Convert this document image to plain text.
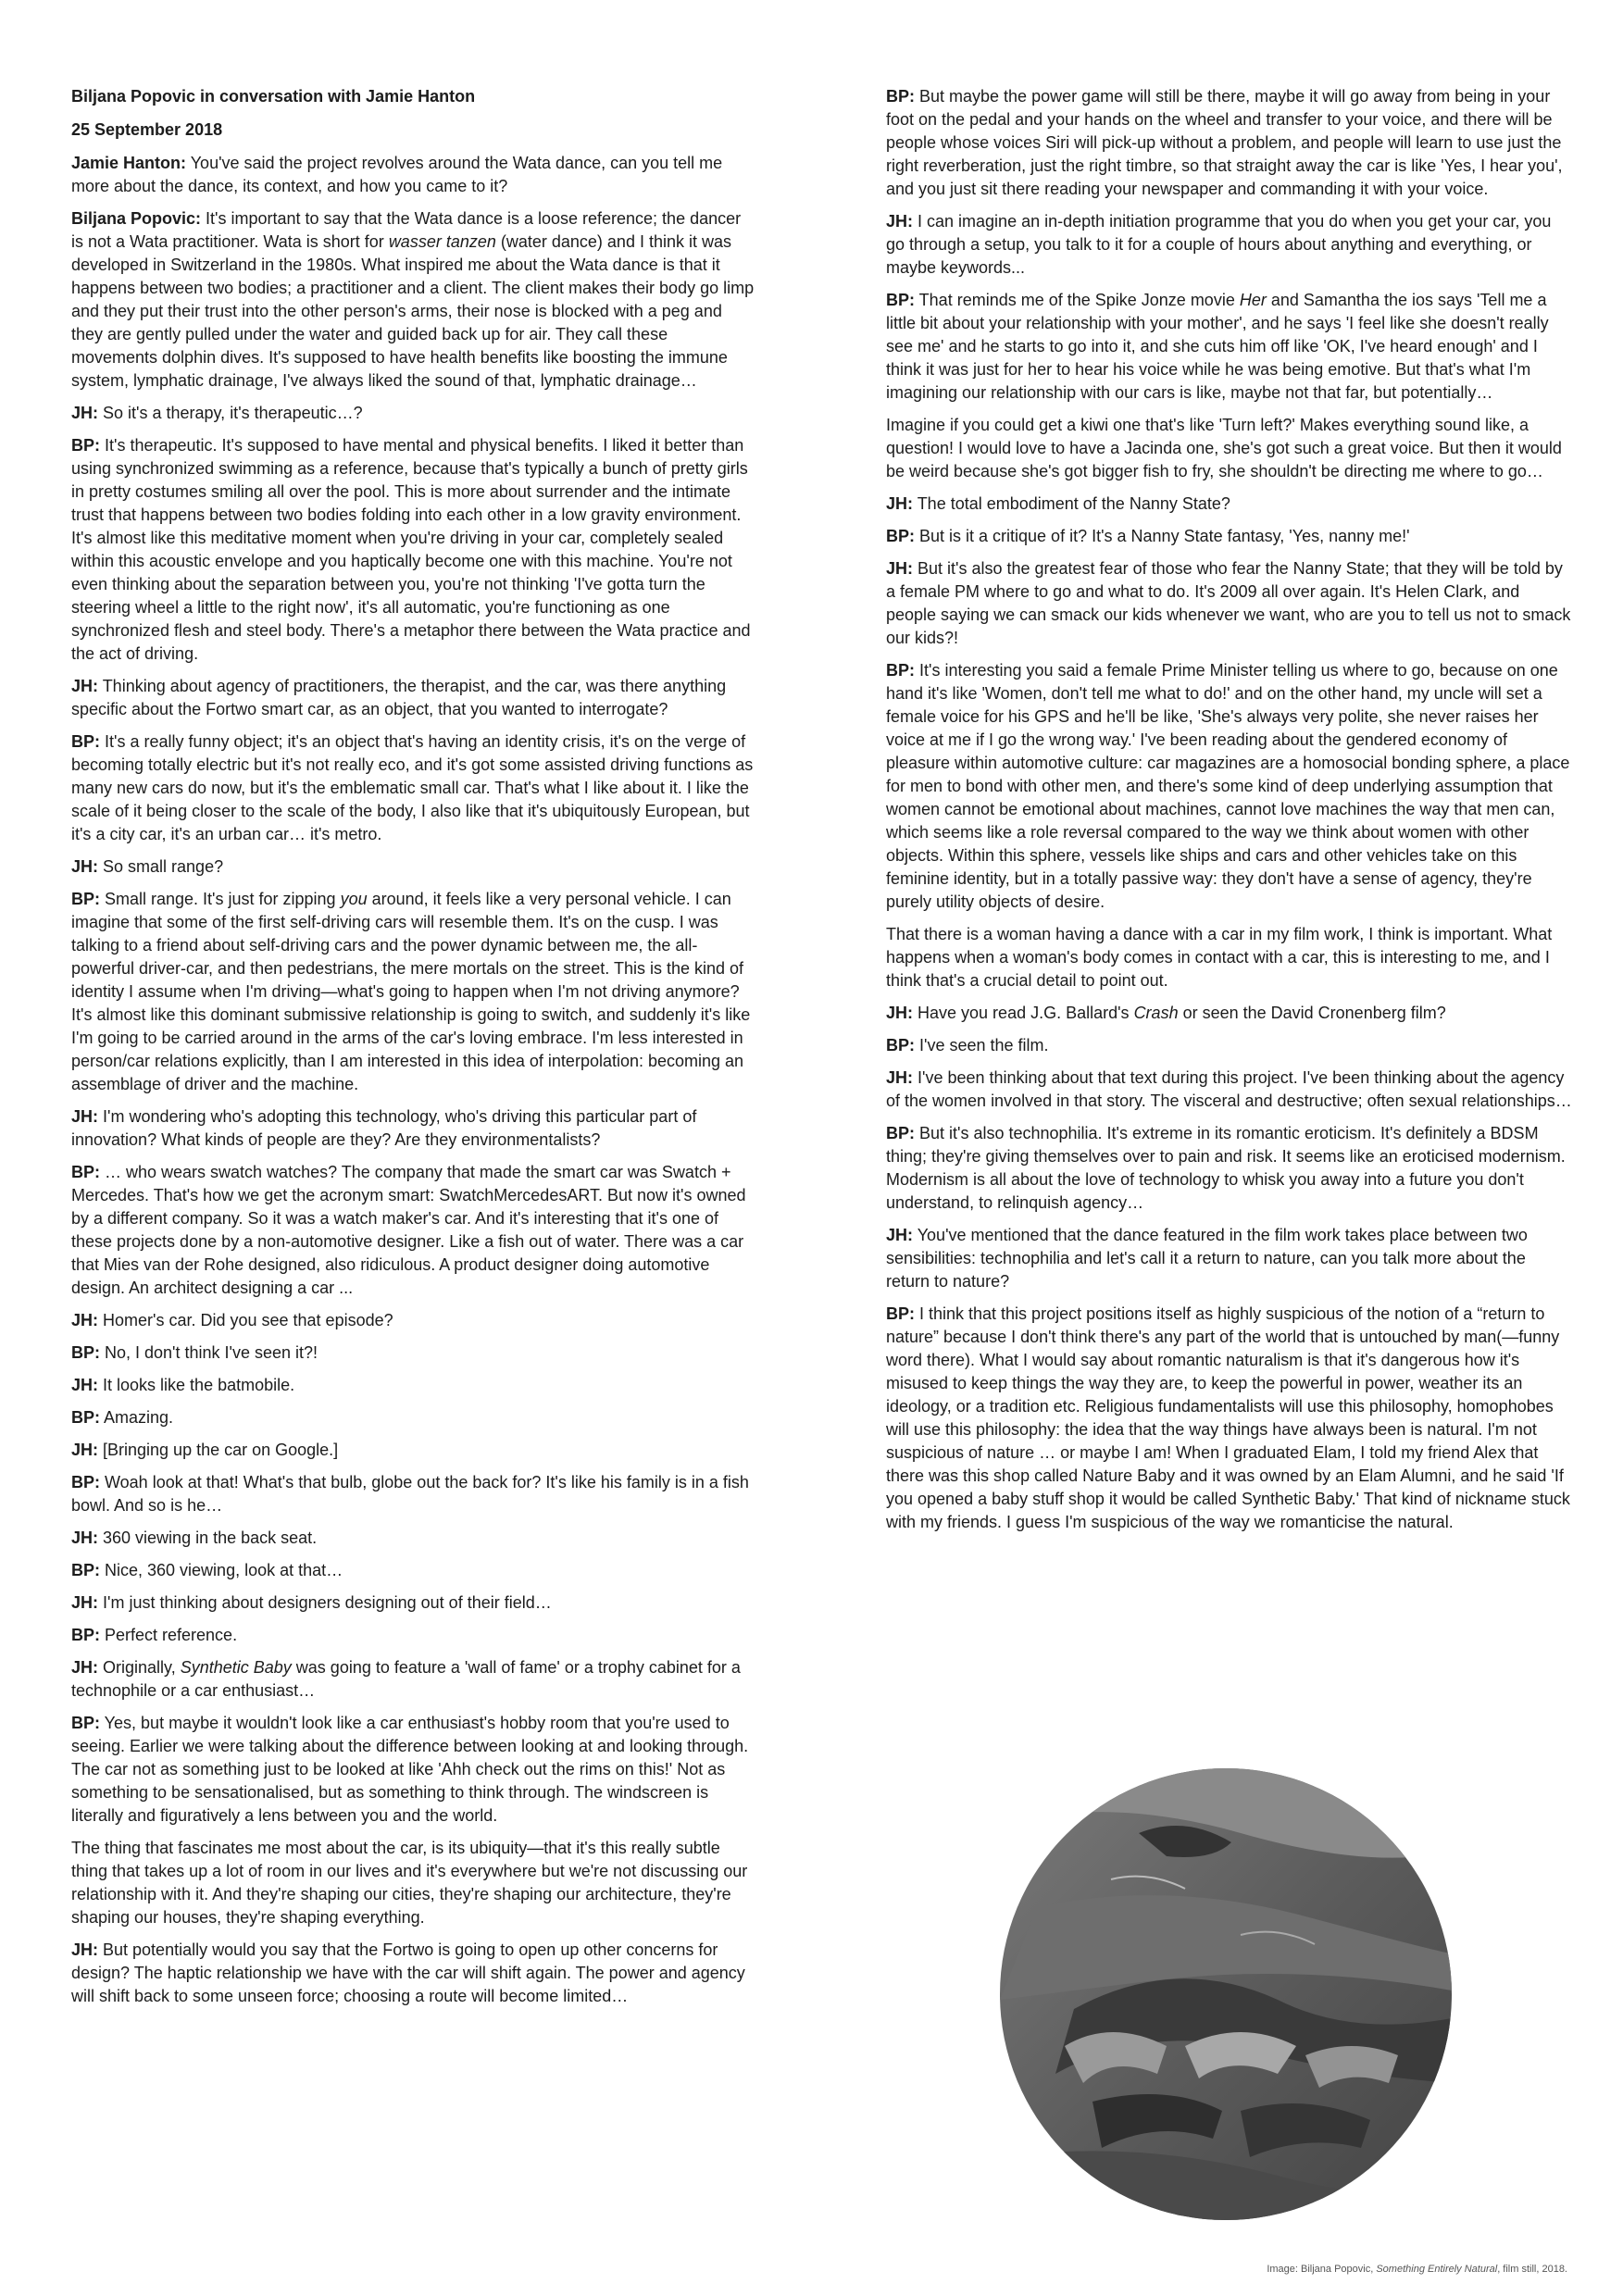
Biljana Popovic in conversation with Jamie Hanton
25 September 2018

Jamie Hanton: You've said the project revolves around the Wata dance, can you tell me more about the dance, its context, and how you came to it?

Biljana Popovic: It's important to say that the Wata dance is a loose reference; the dancer is not a Wata practitioner. Wata is short for wasser tanzen (water dance) and I think it was developed in Switzerland in the 1980s. What inspired me about the Wata dance is that it happens between two bodies; a practitioner and a client. The client makes their body go limp and they put their trust into the other person's arms, their nose is blocked with a peg and they are gently pulled under the water and guided back up for air. They call these movements dolphin dives. It's supposed to have health benefits like boosting the immune system, lymphatic drainage, I've always liked the sound of that, lymphatic drainage…

JH: So it's a therapy, it's therapeutic…?

BP: It's therapeutic. It's supposed to have mental and physical benefits. I liked it better than using synchronized swimming as a reference, because that's typically a bunch of pretty girls in pretty costumes smiling all over the pool. This is more about surrender and the intimate trust that happens between two bodies folding into each other in a low gravity environment. It's almost like this meditative moment when you're driving in your car, completely sealed within this acoustic envelope and you haptically become one with this machine. You're not even thinking about the separation between you, you're not thinking 'I've gotta turn the steering wheel a little to the right now', it's all automatic, you're functioning as one synchronized flesh and steel body. There's a metaphor there between the Wata practice and the act of driving.

JH: Thinking about agency of practitioners, the therapist, and the car, was there anything specific about the Fortwo smart car, as an object, that you wanted to interrogate?

BP: It's a really funny object; it's an object that's having an identity crisis, it's on the verge of becoming totally electric but it's not really eco, and it's got some assisted driving functions as many new cars do now, but it's the emblematic small car. That's what I like about it. I like the scale of it being closer to the scale of the body, I also like that it's ubiquitously European, but it's a city car, it's an urban car… it's metro.

JH: So small range?

BP: Small range. It's just for zipping you around, it feels like a very personal vehicle. I can imagine that some of the first self-driving cars will resemble them. It's on the cusp. I was talking to a friend about self-driving cars and the power dynamic between me, the all-powerful driver-car, and then pedestrians, the mere mortals on the street. This is the kind of identity I assume when I'm driving—what's going to happen when I'm not driving anymore? It's almost like this dominant submissive relationship is going to switch, and suddenly it's like I'm going to be carried around in the arms of the car's loving embrace. I'm less interested in person/car relations explicitly, than I am interested in this idea of interpolation: becoming an assemblage of driver and the machine.

JH: I'm wondering who's adopting this technology, who's driving this particular part of innovation? What kinds of people are they? Are they environmentalists?

BP: … who wears swatch watches? The company that made the smart car was Swatch + Mercedes. That's how we get the acronym smart: SwatchMercedesART. But now it's owned by a different company. So it was a watch maker's car. And it's interesting that it's one of these projects done by a non-automotive designer. Like a fish out of water. There was a car that Mies van der Rohe designed, also ridiculous. A product designer doing automotive design. An architect designing a car ...

JH: Homer's car. Did you see that episode?

BP: No, I don't think I've seen it?!

JH: It looks like the batmobile.

BP: Amazing.

JH: [Bringing up the car on Google.]

BP: Woah look at that! What's that bulb, globe out the back for? It's like his family is in a fish bowl. And so is he…

JH: 360 viewing in the back seat.

BP: Nice, 360 viewing, look at that…

JH: I'm just thinking about designers designing out of their field…

BP: Perfect reference.

JH: Originally, Synthetic Baby was going to feature a 'wall of fame' or a trophy cabinet for a technophile or a car enthusiast…

BP: Yes, but maybe it wouldn't look like a car enthusiast's hobby room that you're used to seeing. Earlier we were talking about the difference between looking at and looking through. The car not as something just to be looked at like 'Ahh check out the rims on this!' Not as something to be sensationalised, but as something to think through. The windscreen is literally and figuratively a lens between you and the world.

The thing that fascinates me most about the car, is its ubiquity—that it's this really subtle thing that takes up a lot of room in our lives and it's everywhere but we're not discussing our relationship with it. And they're shaping our cities, they're shaping our architecture, they're shaping our houses, they're shaping everything.

JH: But potentially would you say that the Fortwo is going to open up other concerns for design? The haptic relationship we have with the car will shift again. The power and agency will shift back to some unseen force; choosing a route will become limited…

BP: But maybe the power game will still be there, maybe it will go away from being in your foot on the pedal and your hands on the wheel and transfer to your voice, and there will be people whose voices Siri will pick-up without a problem, and people will learn to use just the right reverberation, just the right timbre, so that straight away the car is like 'Yes, I hear you', and you just sit there reading your newspaper and commanding it with your voice.

JH: I can imagine an in-depth initiation programme that you do when you get your car, you go through a setup, you talk to it for a couple of hours about anything and everything, or maybe keywords...

BP: That reminds me of the Spike Jonze movie Her and Samantha the ios says 'Tell me a little bit about your relationship with your mother', and he says 'I feel like she doesn't really see me' and he starts to go into it, and she cuts him off like 'OK, I've heard enough' and I think it was just for her to hear his voice while he was being emotive. But that's what I'm imagining our relationship with our cars is like, maybe not that far, but potentially…

Imagine if you could get a kiwi one that's like 'Turn left?' Makes everything sound like, a question! I would love to have a Jacinda one, she's got such a great voice. But then it would be weird because she's got bigger fish to fry, she shouldn't be directing me where to go…

JH: The total embodiment of the Nanny State?

BP: But is it a critique of it? It's a Nanny State fantasy, 'Yes, nanny me!'

JH: But it's also the greatest fear of those who fear the Nanny State; that they will be told by a female PM where to go and what to do. It's 2009 all over again. It's Helen Clark, and people saying we can smack our kids whenever we want, who are you to tell us not to smack our kids?!

BP: It's interesting you said a female Prime Minister telling us where to go, because on one hand it's like 'Women, don't tell me what to do!' and on the other hand, my uncle will set a female voice for his GPS and he'll be like, 'She's always very polite, she never raises her voice at me if I go the wrong way.' I've been reading about the gendered economy of pleasure within automotive culture: car magazines are a homosocial bonding sphere, a place for men to bond with other men, and there's some kind of deep underlying assumption that women cannot be emotional about machines, cannot love machines the way that men can, which seems like a role reversal compared to the way we think about women with other objects. Within this sphere, vessels like ships and cars and other vehicles take on this feminine identity, but in a totally passive way: they don't have a sense of agency, they're purely utility objects of desire.

That there is a woman having a dance with a car in my film work, I think is important. What happens when a woman's body comes in contact with a car, this is interesting to me, and I think that's a crucial detail to point out.

JH: Have you read J.G. Ballard's Crash or seen the David Cronenberg film?

BP: I've seen the film.

JH: I've been thinking about that text during this project. I've been thinking about the agency of the women involved in that story. The visceral and destructive; often sexual relationships…

BP: But it's also technophilia. It's extreme in its romantic eroticism. It's definitely a BDSM thing; they're giving themselves over to pain and risk. It seems like an eroticised modernism. Modernism is all about the love of technology to whisk you away into a future you don't understand, to relinquish agency…

JH: You've mentioned that the dance featured in the film work takes place between two sensibilities: technophilia and let's call it a return to nature, can you talk more about the return to nature?

BP: I think that this project positions itself as highly suspicious of the notion of a “return to nature” because I don't think there's any part of the world that is untouched by man(—funny word there). What I would say about romantic naturalism is that it's dangerous how it's misused to keep things the way they are, to keep the powerful in power, weather its an ideology, or a tradition etc. Religious fundamentalists will use this philosophy, homophobes will use this philosophy: the idea that the way things have always been is natural. I'm not suspicious of nature … or maybe I am! When I graduated Elam, I told my friend Alex that there was this shop called Nature Baby and it was owned by an Elam Alumni, and he said 'If you opened a baby stuff shop it would be called Synthetic Baby.' That kind of nickname stuck with my friends. I guess I'm suspicious of the way we romanticise the natural.

Image: Biljana Popovic, Something Entirely Natural, film still, 2018.
